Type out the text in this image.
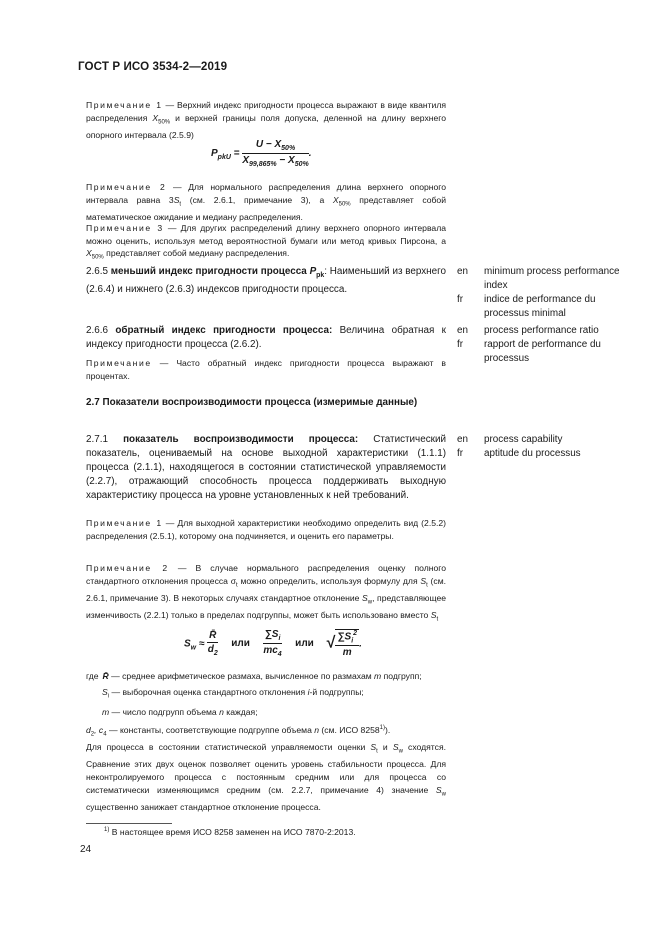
ГОСТ Р ИСО 3534-2—2019
Примечание 1 — Верхний индекс пригодности процесса выражают в виде квантиля распределения $X_{50\%}$ и верхней границы поля допуска, деленной на длину верхнего опорного интервала (2.5.9)
$P_{pkU} = \frac{U - X_{50\%}}{X_{99,865\%} - X_{50\%}}$ .
Примечание 2 — Для нормального распределения длина верхнего опорного интервала равна $3S_t$ (см. 2.6.1, примечание 3), а $X_{50\%}$ представляет собой математическое ожидание и медиану распределения.
Примечание 3 — Для других распределений длину верхнего опорного интервала можно оценить, используя метод вероятностной бумаги или метод кривых Пирсона, а $X_{50\%}$ представляет собой медиану распределения.
2.6.5 меньший индекс пригодности процесса $P_{pk}$: Наименьший из верхнего (2.6.4) и нижнего (2.6.3) индексов пригодности процесса.
en	minimum process performance index
fr	indice de performance du processus minimal
2.6.6 обратный индекс пригодности процесса: Величина обратная к индексу пригодности процесса (2.6.2).
Примечание — Часто обратный индекс пригодности процесса выражают в процентах.
en	process performance ratio
fr	rapport de performance du processus
2.7 Показатели воспроизводимости процесса (измеримые данные)
2.7.1 показатель воспроизводимости процесса: Статистический показатель, оцениваемый на основе выходной характеристики (1.1.1) процесса (2.1.1), находящегося в состоянии статистической управляемости (2.2.7), отражающий способность процесса поддерживать выходную характеристику процесса на уровне установленных к ней требований.
en	process capability
fr	aptitude du processus
Примечание 1 — Для выходной характеристики необходимо определить вид (2.5.2) распределения (2.5.1), которому она подчиняется, и оценить его параметры.
Примечание 2 — В случае нормального распределения оценку полного стандартного отклонения процесса $\sigma_t$ можно определить, используя формулу для $S_t$ (см. 2.6.1, примечание 3). В некоторых случаях стандартное отклонение $S_w$, представляющее изменчивость (2.2.1) только в пределах подгруппы, может быть использовано вместо $S_t$
$S_w \approx \frac{R̄}{d_2}$ или $\frac{\sum S_i}{mc_4}$ или √ $\frac{\sum S_i^2}{m}$ .
где R̄ — среднее арифметическое размаха, вычисленное по размахам m подгрупп;
$S_i$ — выборочная оценка стандартного отклонения i-й подгруппы;
m — число подгрупп объема n каждая;
$d_2$, $c_4$ — константы, соответствующие подгруппе объема n (см. ИСО 8258$^{1)}$).
Для процесса в состоянии статистической управляемости оценки $S_t$ и $S_w$ сходятся. Сравнение этих двух оценок позволяет оценить уровень стабильности процесса. Для неконтролируемого процесса с постоянным средним или для процесса со систематически изменяющимся средним (см. 2.2.7, примечание 4) значение $S_w$ существенно занижает стандартное отклонение процесса.
$^{1)}$ В настоящее время ИСО 8258 заменен на ИСО 7870-2:2013.
24
